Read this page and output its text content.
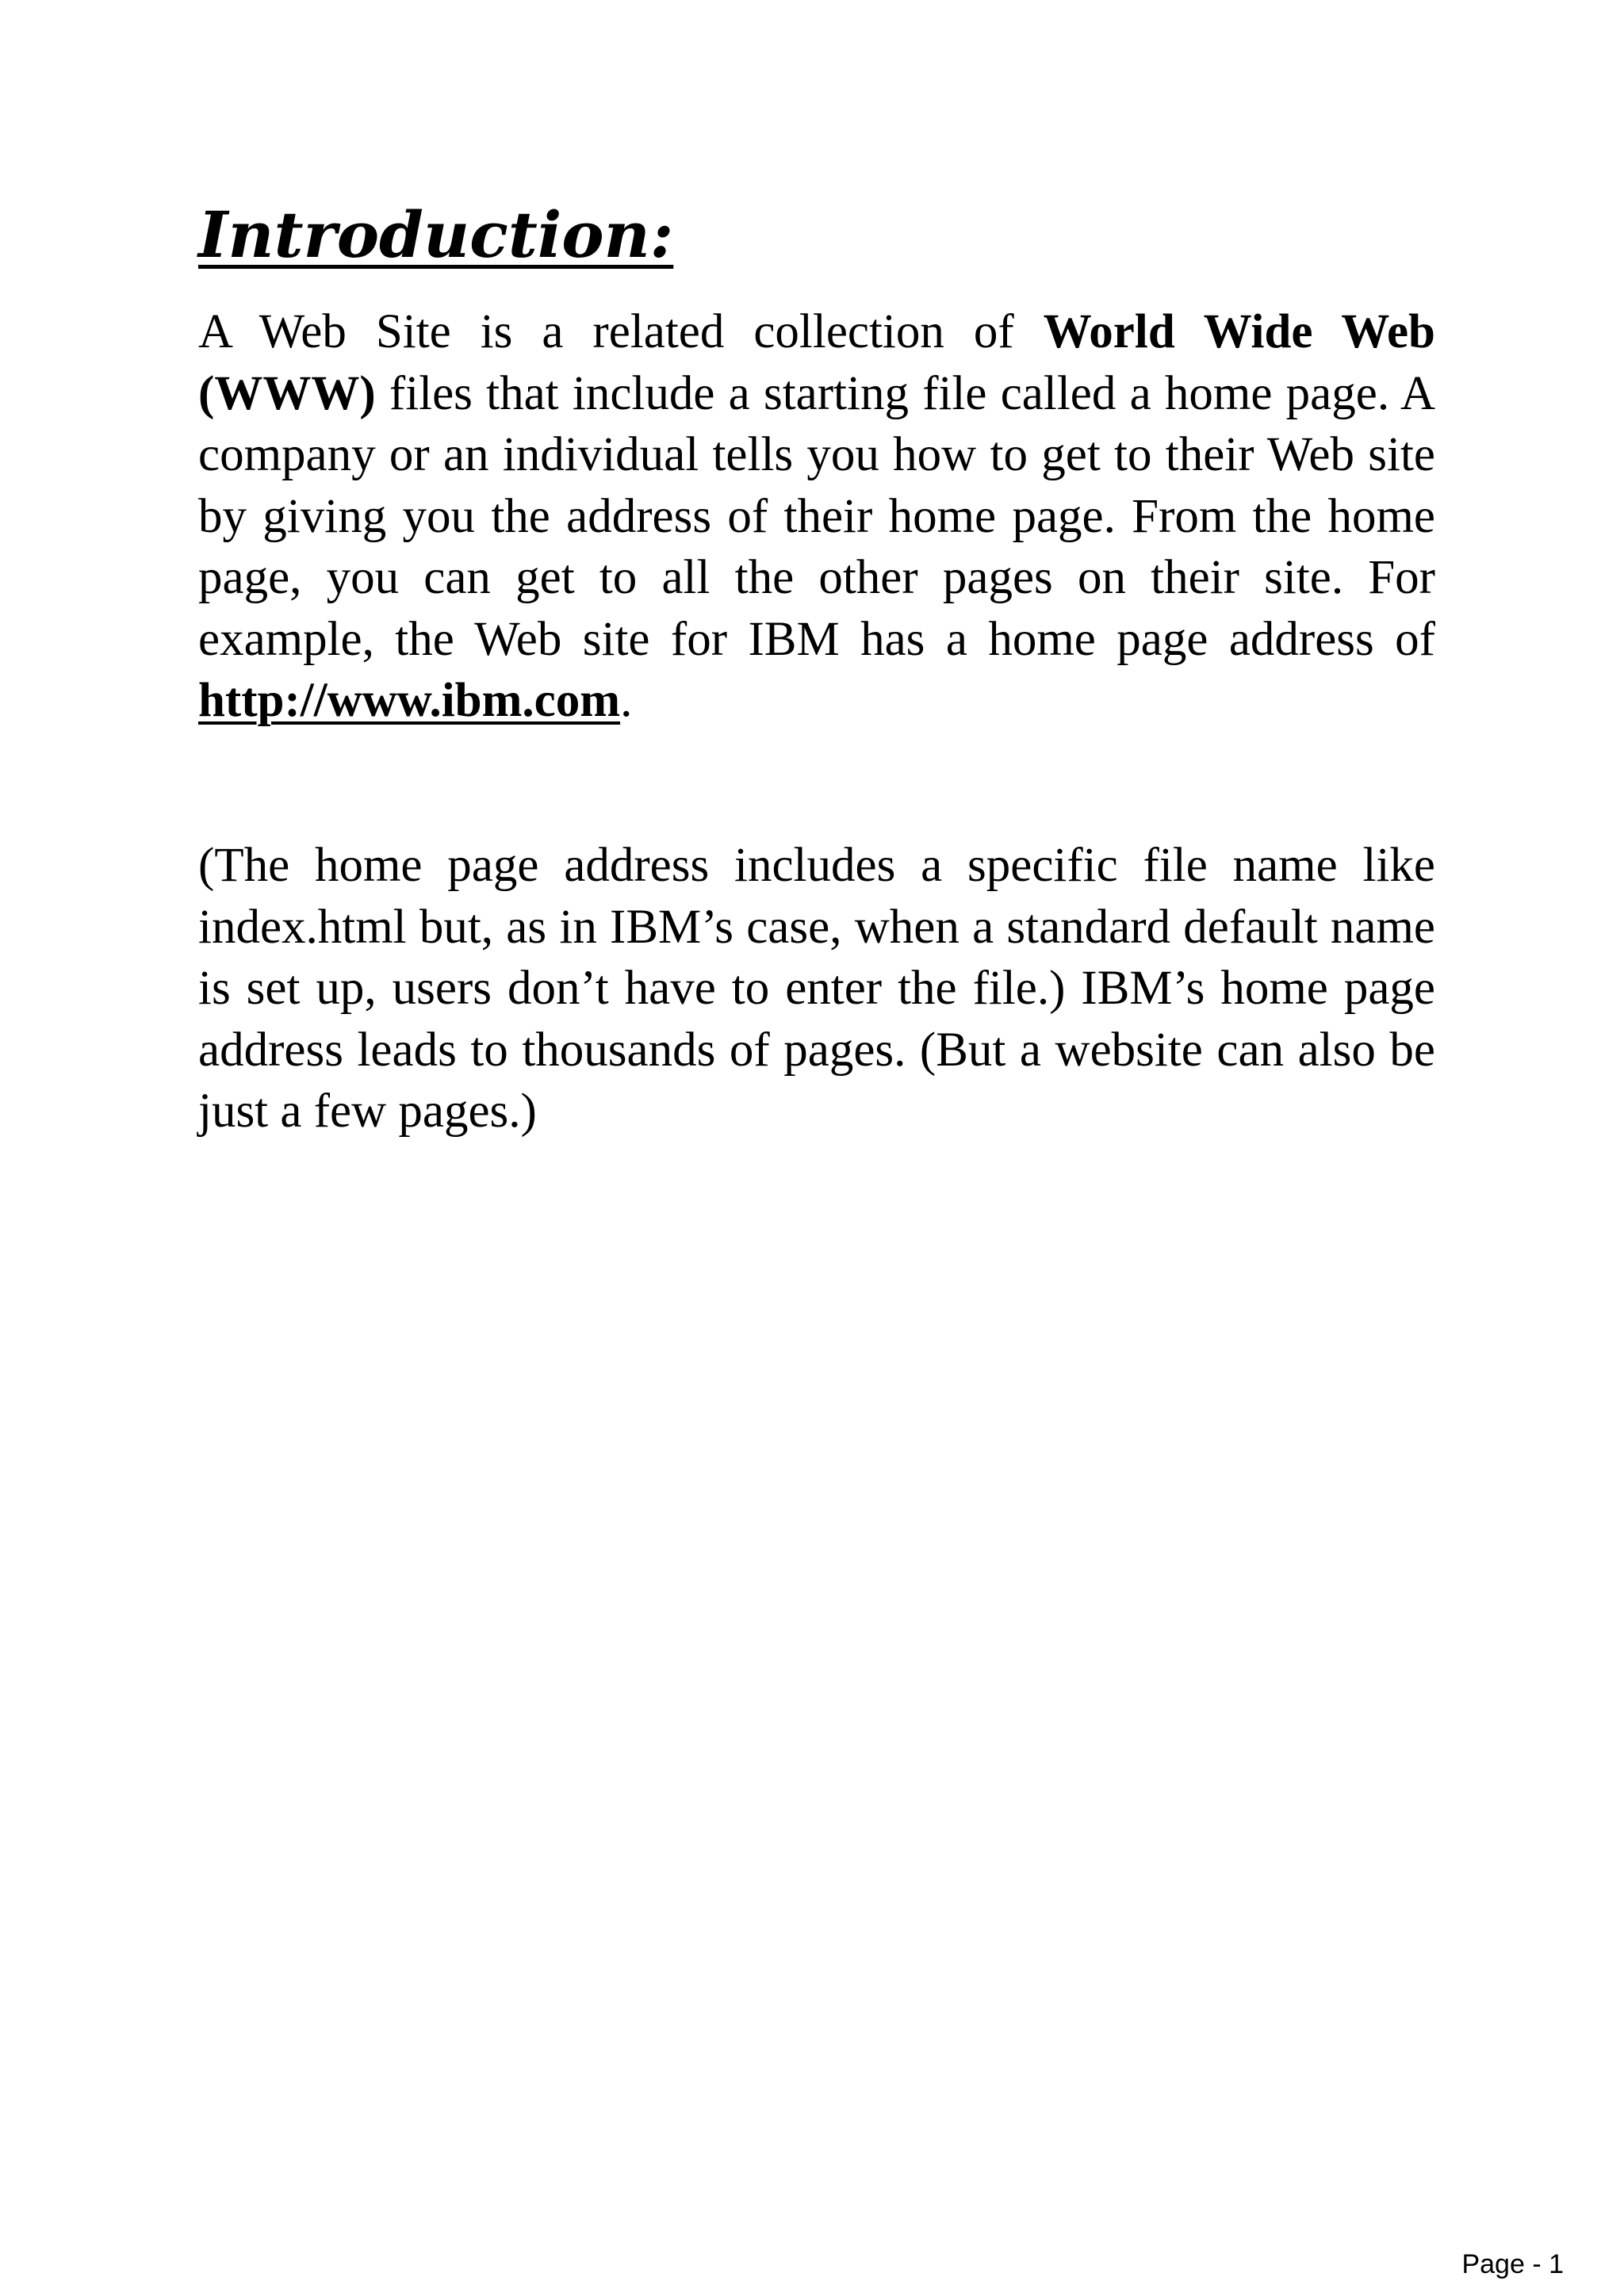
Introduction:

A Web Site is a related collection of World Wide Web (WWW) files that include a starting file called a home page. A company or an individual tells you how to get to their Web site by giving you the address of their home page. From the home page, you can get to all the other pages on their site. For example, the Web site for IBM has a home page address of http://www.ibm.com.

(The home page address includes a specific file name like index.html but, as in IBM’s case, when a standard default name is set up, users don’t have to enter the file.) IBM’s home page address leads to thousands of pages. (But a website can also be just a few pages.)

Page - 1
